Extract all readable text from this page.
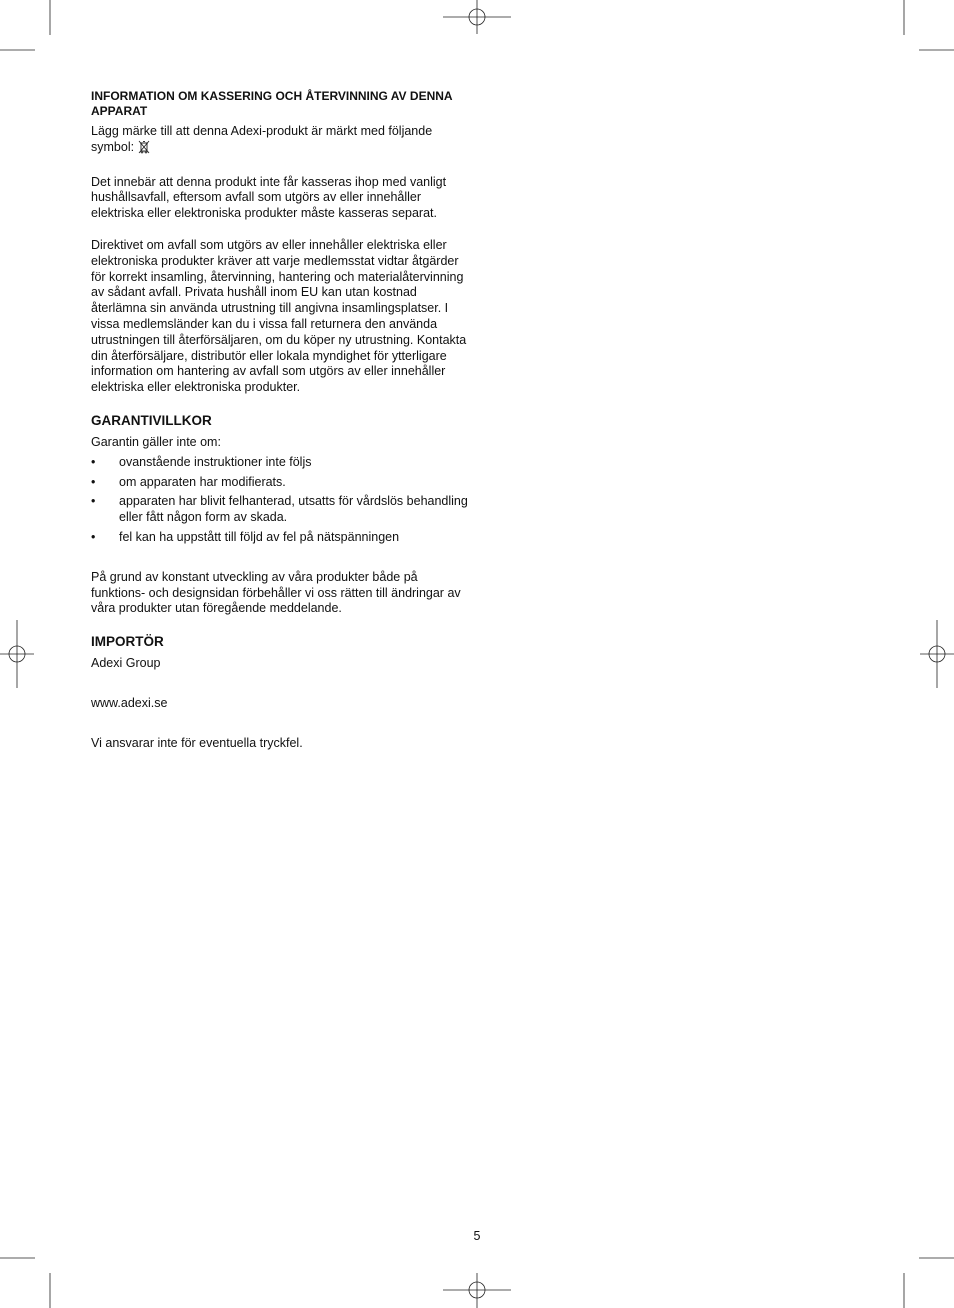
INFORMATION OM KASSERING OCH ÅTERVINNING AV DENNA APPARAT

Lägg märke till att denna Adexi-produkt är märkt med följande symbol:

Det innebär att denna produkt inte får kasseras ihop med vanligt hushållsavfall, eftersom avfall som utgörs av eller innehåller elektriska eller elektroniska produkter måste kasseras separat.

Direktivet om avfall som utgörs av eller innehåller elektriska eller elektroniska produkter kräver att varje medlemsstat vidtar åtgärder för korrekt insamling, återvinning, hantering och materialåtervinning av sådant avfall. Privata hushåll inom EU kan utan kostnad återlämna sin använda utrustning till angivna insamlingsplatser. I vissa medlemsländer kan du i vissa fall returnera den använda utrustningen till återförsäljaren, om du köper ny utrustning. Kontakta din återförsäljare, distributör eller lokala myndighet för ytterligare information om hantering av avfall som utgörs av eller innehåller elektriska eller elektroniska produkter.

GARANTIVILLKOR

Garantin gäller inte om:

• ovanstående instruktioner inte följs
• om apparaten har modifierats.
• apparaten har blivit felhanterad, utsatts för vårdslös behandling eller fått någon form av skada.
• fel kan ha uppstått till följd av fel på nätspänningen

På grund av konstant utveckling av våra produkter både på funktions- och designsidan förbehåller vi oss rätten till ändringar av våra produkter utan föregående meddelande.

IMPORTÖR

Adexi Group

www.adexi.se

Vi ansvarar inte för eventuella tryckfel.

5
